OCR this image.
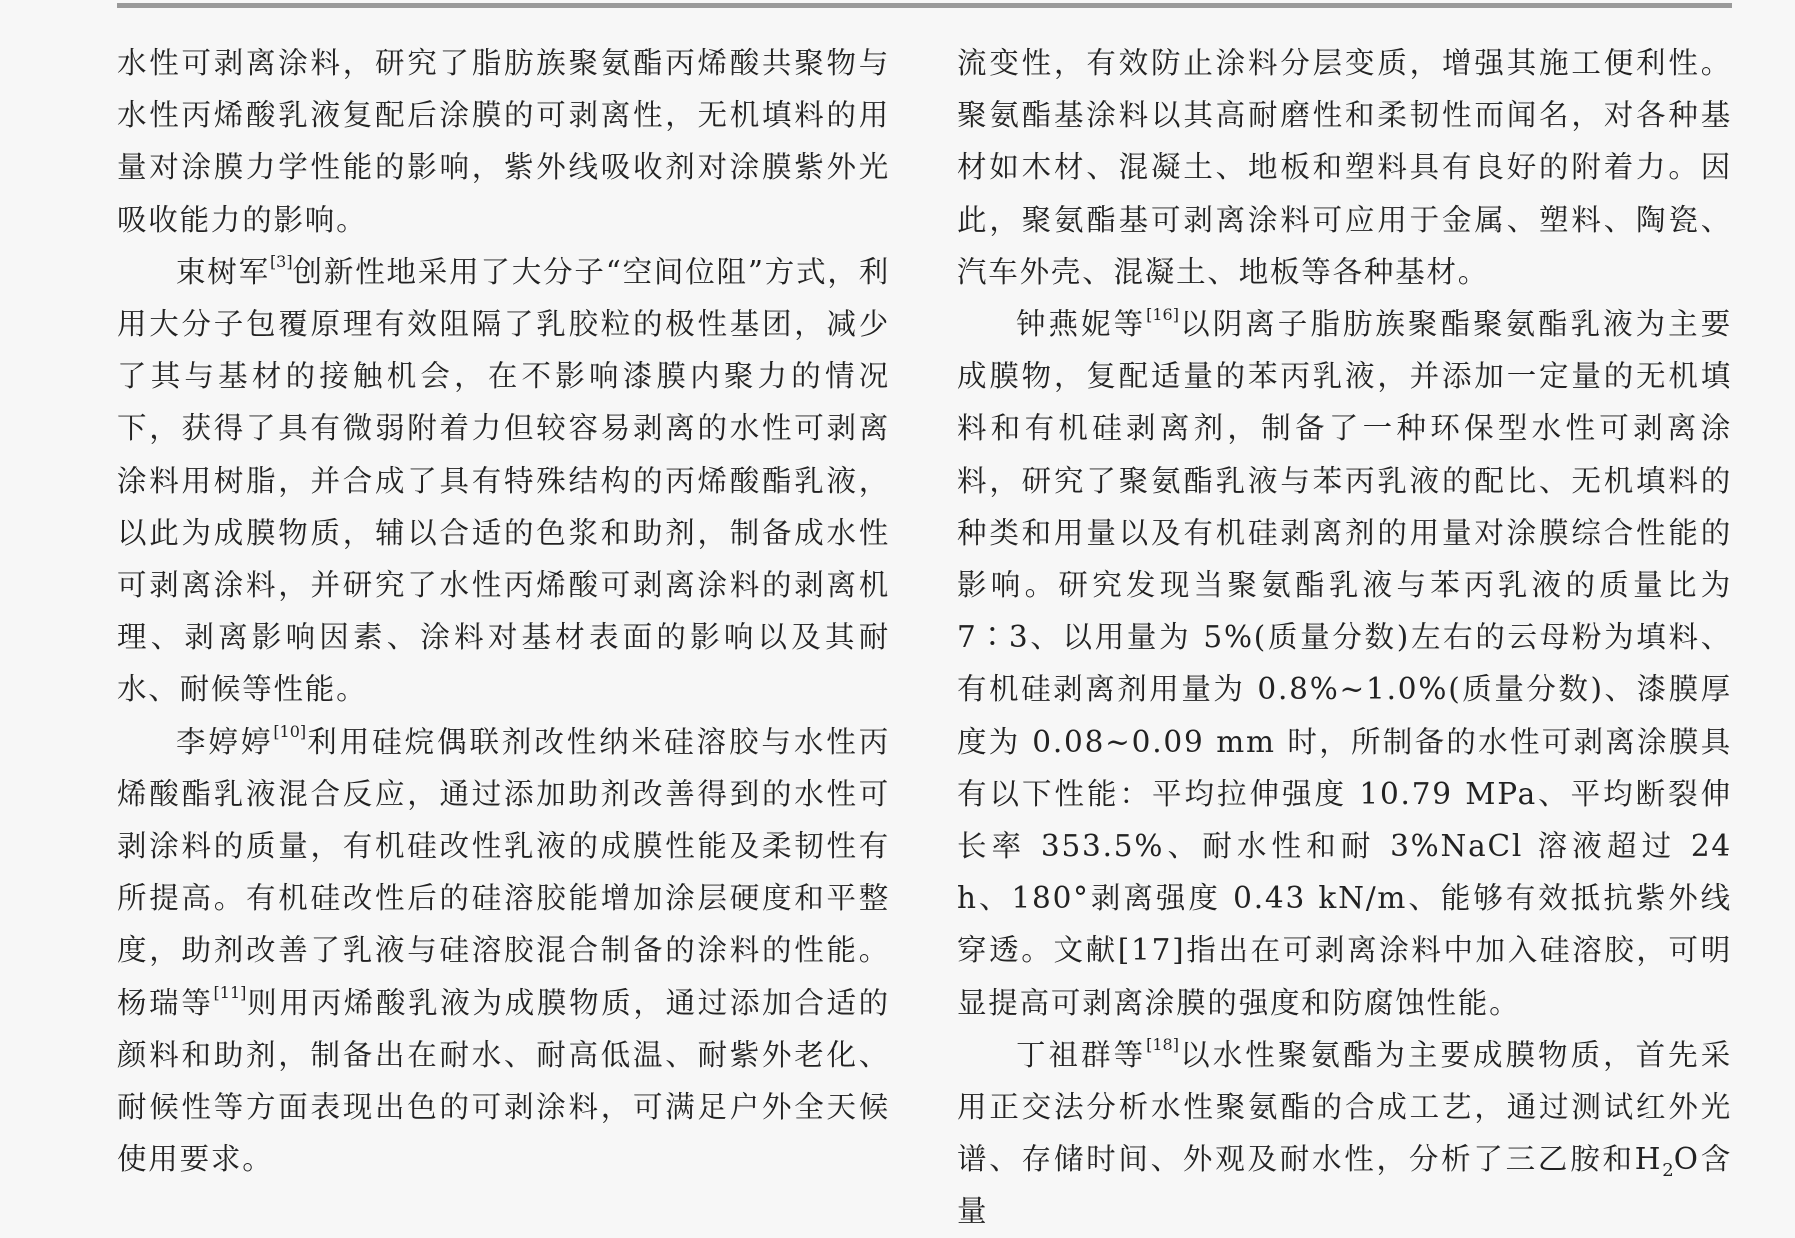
水性可剥离涂料，研究了脂肪族聚氨酯丙烯酸共聚物与水性丙烯酸乳液复配后涂膜的可剥离性，无机填料的用量对涂膜力学性能的影响，紫外线吸收剂对涂膜紫外光吸收能力的影响。

束树军[3]创新性地采用了大分子“空间位阻”方式，利用大分子包覆原理有效阻隔了乳胶粒的极性基团，减少了其与基材的接触机会，在不影响漆膜内聚力的情况下，获得了具有微弱附着力但较容易剥离的水性可剥离涂料用树脂，并合成了具有特殊结构的丙烯酸酯乳液，以此为成膜物质，辅以合适的色浆和助剂，制备成水性可剥离涂料，并研究了水性丙烯酸可剥离涂料的剥离机理、剥离影响因素、涂料对基材表面的影响以及其耐水、耐候等性能。

李婷婷[10]利用硅烷偶联剂改性纳米硅溶胶与水性丙烯酸酯乳液混合反应，通过添加助剂改善得到的水性可剥涂料的质量，有机硅改性乳液的成膜性能及柔韧性有所提高。有机硅改性后的硅溶胶能增加涂层硬度和平整度，助剂改善了乳液与硅溶胶混合制备的涂料的性能。杨瑞等[11]则用丙烯酸乳液为成膜物质，通过添加合适的颜料和助剂，制备出在耐水、耐高低温、耐紫外老化、耐候性等方面表现出色的可剥涂料，可满足户外全天候使用要求。

流变性，有效防止涂料分层变质，增强其施工便利性。聚氨酯基涂料以其高耐磨性和柔韧性而闻名，对各种基材如木材、混凝土、地板和塑料具有良好的附着力。因此，聚氨酯基可剥离涂料可应用于金属、塑料、陶瓷、汽车外壳、混凝土、地板等各种基材。

钟燕妮等[16]以阴离子脂肪族聚酯聚氨酯乳液为主要成膜物，复配适量的苯丙乳液，并添加一定量的无机填料和有机硅剥离剂，制备了一种环保型水性可剥离涂料，研究了聚氨酯乳液与苯丙乳液的配比、无机填料的种类和用量以及有机硅剥离剂的用量对涂膜综合性能的影响。研究发现当聚氨酯乳液与苯丙乳液的质量比为 7∶3、以用量为 5%(质量分数)左右的云母粉为填料、有机硅剥离剂用量为 0.8%~1.0%(质量分数)、漆膜厚度为 0.08~0.09 mm 时，所制备的水性可剥离涂膜具有以下性能：平均拉伸强度 10.79 MPa、平均断裂伸长率 353.5%、耐水性和耐 3%NaCl 溶液超过 24 h、180°剥离强度 0.43 kN/m、能够有效抵抗紫外线穿透。文献[17]指出在可剥离涂料中加入硅溶胶，可明显提高可剥离涂膜的强度和防腐蚀性能。

丁祖群等[18]以水性聚氨酯为主要成膜物质，首先采用正交法分析水性聚氨酯的合成工艺，通过测试红外光谱、存储时间、外观及耐水性，分析了三乙胺和$H_2O$含量
